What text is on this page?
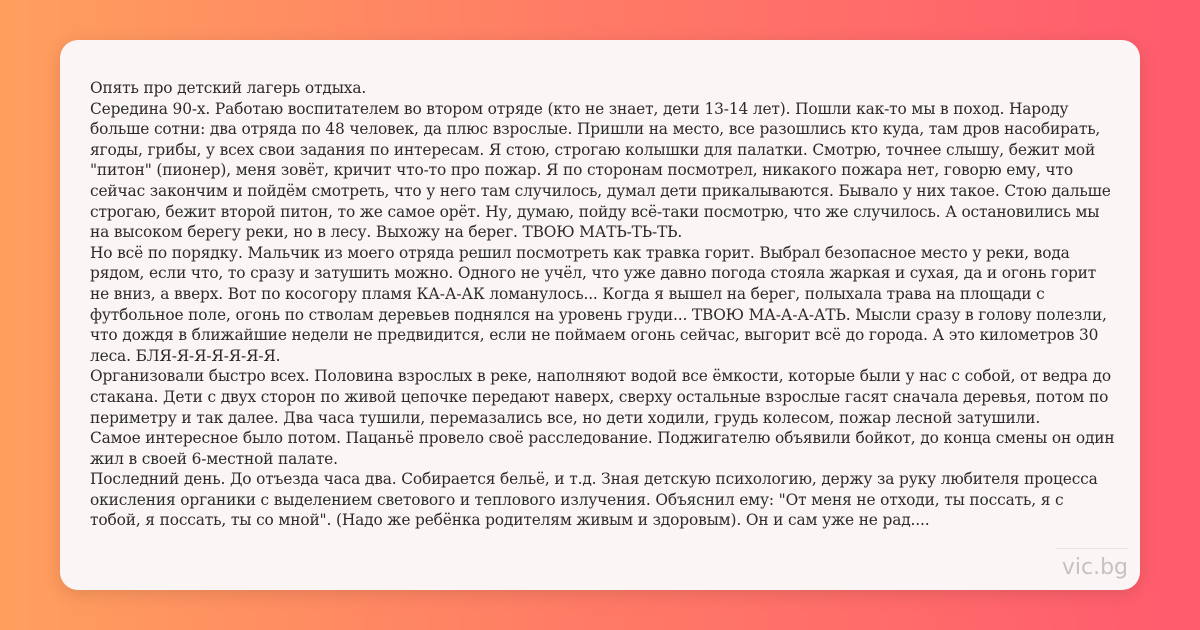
Опять про детский лагерь отдыха.

Середина 90-х. Работаю воспитателем во втором отряде (кто не знает, дети 13-14 лет). Пошли как-то мы в поход. Народу больше сотни: два отряда по 48 человек, да плюс взрослые. Пришли на место, все разошлись кто куда, там дров насобирать, ягоды, грибы, у всех свои задания по интересам. Я стою, строгаю колышки для палатки. Смотрю, точнее слышу, бежит мой "питон" (пионер), меня зовёт, кричит что-то про пожар. Я по сторонам посмотрел, никакого пожара нет, говорю ему, что сейчас закончим и пойдём смотреть, что у него там случилось, думал дети прикалываются. Бывало у них такое. Стою дальше строгаю, бежит второй питон, то же самое орёт. Ну, думаю, пойду всё-таки посмотрю, что же случилось. А остановились мы на высоком берегу реки, но в лесу. Выхожу на берег. ТВОЮ МАТЬ-ТЬ-ТЬ.

Но всё по порядку. Мальчик из моего отряда решил посмотреть как травка горит. Выбрал безопасное место у реки, вода рядом, если что, то сразу и затушить можно. Одного не учёл, что уже давно погода стояла жаркая и сухая, да и огонь горит не вниз, а вверх. Вот по косогору пламя КА-А-АК ломанулось... Когда я вышел на берег, полыхала трава на площади с футбольное поле, огонь по стволам деревьев поднялся на уровень груди... ТВОЮ МА-А-А-АТЬ. Мысли сразу в голову полезли, что дождя в ближайшие недели не предвидится, если не поймаем огонь сейчас, выгорит всё до города. А это километров 30 леса. БЛЯ-Я-Я-Я-Я-Я-Я.

Организовали быстро всех. Половина взрослых в реке, наполняют водой все ёмкости, которые были у нас с собой, от ведра до стакана. Дети с двух сторон по живой цепочке передают наверх, сверху остальные взрослые гасят сначала деревья, потом по периметру и так далее. Два часа тушили, перемазались все, но дети ходили, грудь колесом, пожар лесной затушили.

Самое интересное было потом. Пацаньё провело своё расследование. Поджигателю объявили бойкот, до конца смены он один жил в своей 6-местной палате.

Последний день. До отъезда часа два. Собирается бельё, и т.д. Зная детскую психологию, держу за руку любителя процесса окисления органики с выделением светового и теплового излучения. Объяснил ему: "От меня не отходи, ты поссать, я с тобой, я поссать, ты со мной". (Надо же ребёнка родителям живым и здоровым). Он и сам уже не рад....

vic.bg
